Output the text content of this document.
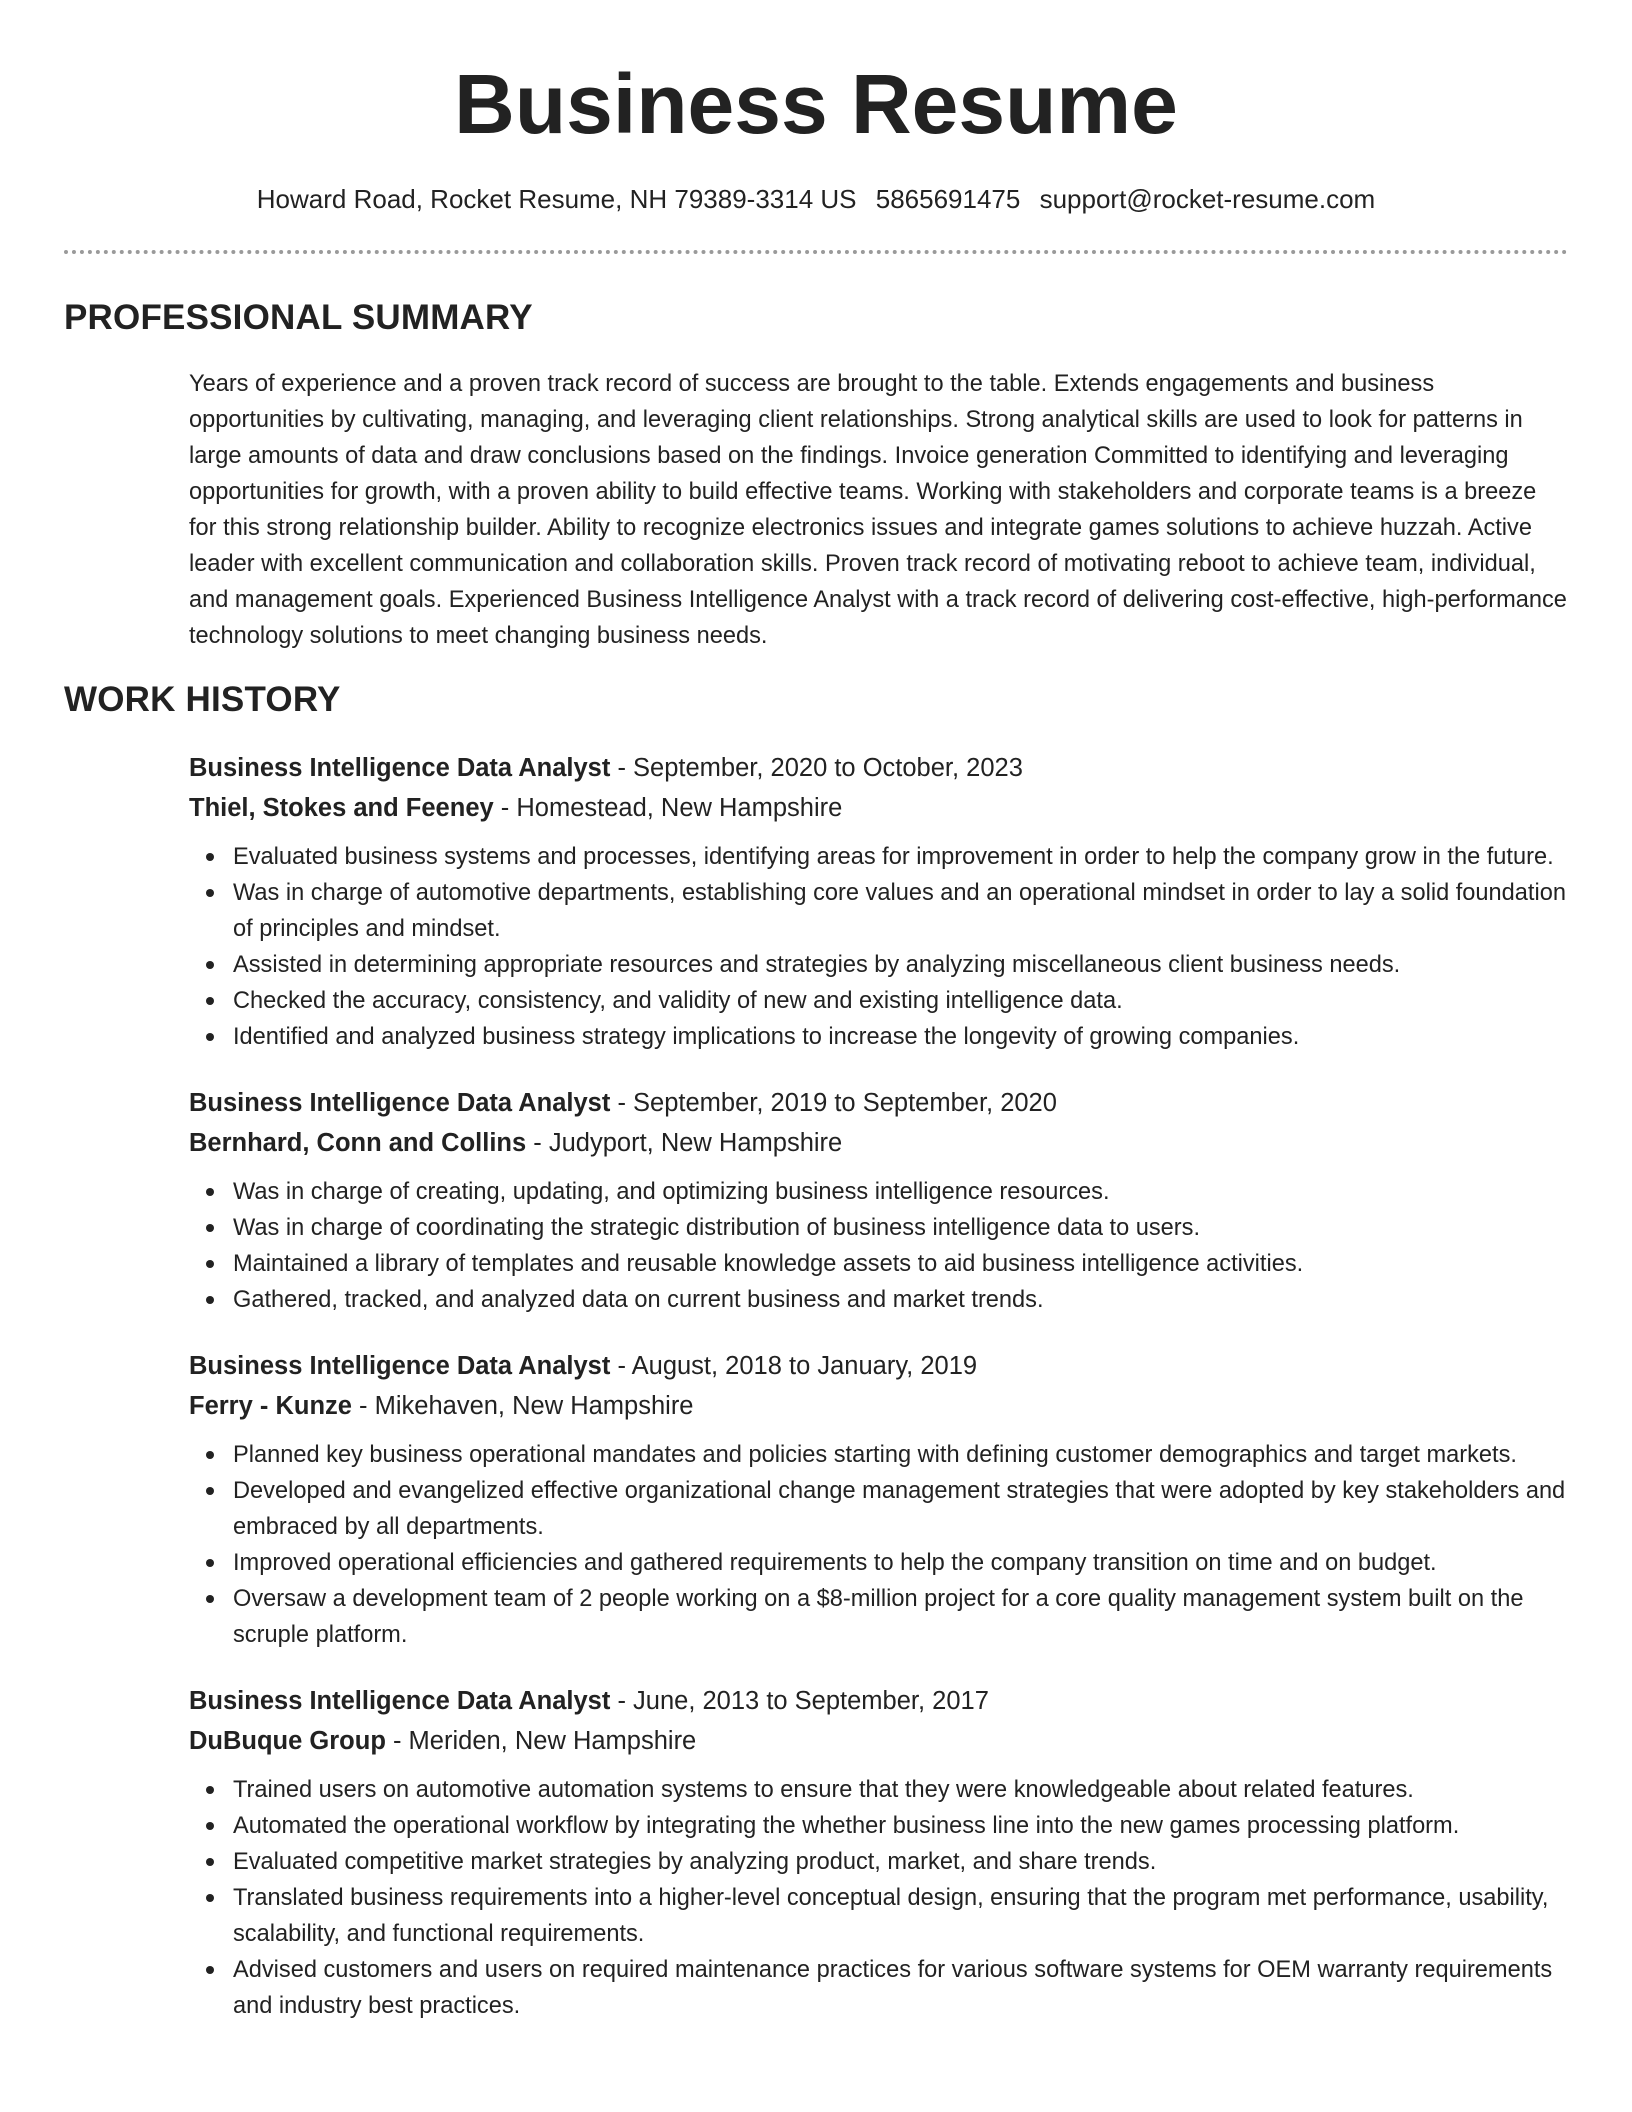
Business Resume
Howard Road, Rocket Resume, NH 79389-3314 US 5865691475 support@rocket-resume.com
PROFESSIONAL SUMMARY

Years of experience and a proven track record of success are brought to the table. Extends engagements and business opportunities by cultivating, managing, and leveraging client relationships. Strong analytical skills are used to look for patterns in large amounts of data and draw conclusions based on the findings. Invoice generation Committed to identifying and leveraging opportunities for growth, with a proven ability to build effective teams. Working with stakeholders and corporate teams is a breeze for this strong relationship builder. Ability to recognize electronics issues and integrate games solutions to achieve huzzah. Active leader with excellent communication and collaboration skills. Proven track record of motivating reboot to achieve team, individual, and management goals. Experienced Business Intelligence Analyst with a track record of delivering cost-effective, high-performance technology solutions to meet changing business needs.

WORK HISTORY
Business Intelligence Data Analyst - September, 2020 to October, 2023
Thiel, Stokes and Feeney - Homestead, New Hampshire
Evaluated business systems and processes, identifying areas for improvement in order to help the company grow in the future.
Was in charge of automotive departments, establishing core values and an operational mindset in order to lay a solid foundation of principles and mindset.
Assisted in determining appropriate resources and strategies by analyzing miscellaneous client business needs.
Checked the accuracy, consistency, and validity of new and existing intelligence data.
Identified and analyzed business strategy implications to increase the longevity of growing companies.
Business Intelligence Data Analyst - September, 2019 to September, 2020
Bernhard, Conn and Collins - Judyport, New Hampshire
Was in charge of creating, updating, and optimizing business intelligence resources.
Was in charge of coordinating the strategic distribution of business intelligence data to users.
Maintained a library of templates and reusable knowledge assets to aid business intelligence activities.
Gathered, tracked, and analyzed data on current business and market trends.
Business Intelligence Data Analyst - August, 2018 to January, 2019
Ferry - Kunze - Mikehaven, New Hampshire
Planned key business operational mandates and policies starting with defining customer demographics and target markets.
Developed and evangelized effective organizational change management strategies that were adopted by key stakeholders and embraced by all departments.
Improved operational efficiencies and gathered requirements to help the company transition on time and on budget.
Oversaw a development team of 2 people working on a $8-million project for a core quality management system built on the scruple platform.
Business Intelligence Data Analyst - June, 2013 to September, 2017
DuBuque Group - Meriden, New Hampshire
Trained users on automotive automation systems to ensure that they were knowledgeable about related features.
Automated the operational workflow by integrating the whether business line into the new games processing platform.
Evaluated competitive market strategies by analyzing product, market, and share trends.
Translated business requirements into a higher-level conceptual design, ensuring that the program met performance, usability, scalability, and functional requirements.
Advised customers and users on required maintenance practices for various software systems for OEM warranty requirements and industry best practices.
